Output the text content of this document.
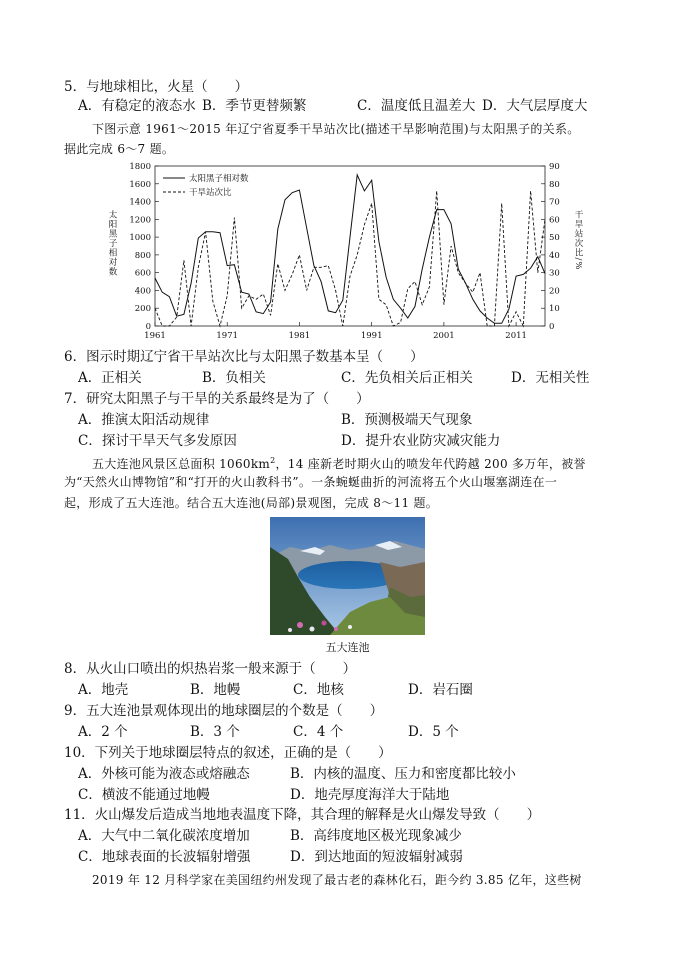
5．与地球相比，火星（　　）
A．有稳定的液态水 B．季节更替频繁	C．温度低且温差大 D．大气层厚度大
下图示意 1961～2015 年辽宁省夏季干旱站次比(描述干旱影响范围)与太阳黑子的关系。
据此完成 6～7 题。
0
200
400
600
800
1000
1200
1400
1600
1800
0
10
20
30
40
50
60
70
80
90
1961	1971	1981	1991	2001	2011
太阳黑子相对数	干旱站次比/%
太阳黑子相对数
干旱站次比
6．图示时期辽宁省干旱站次比与太阳黑子数基本呈（　　）
A．正相关	B．负相关	C．先负相关后正相关	D．无相关性
7．研究太阳黑子与干旱的关系最终是为了（　　）
A．推演太阳活动规律	B．预测极端天气现象
C．探讨干旱天气多发原因	D．提升农业防灾减灾能力
五大连池风景区总面积 $1060km^2$，14 座新老时期火山的喷发年代跨越 200 多万年，被誉
为“天然火山博物馆”和“打开的火山教科书”。一条蜿蜒曲折的河流将五个火山堰塞湖连在一
起，形成了五大连池。结合五大连池(局部)景观图，完成 8～11 题。
五大连池
8．从火山口喷出的炽热岩浆一般来源于（　　）
A．地壳	B．地幔	C．地核	D．岩石圈
9．五大连池景观体现出的地球圈层的个数是（　　）
A．2 个	B．3 个	C．4 个	D．5 个
10．下列关于地球圈层特点的叙述，正确的是（　　）
A．外核可能为液态或熔融态	B．内核的温度、压力和密度都比较小
C．横波不能通过地幔	D．地壳厚度海洋大于陆地
11．火山爆发后造成当地地表温度下降，其合理的解释是火山爆发导致（　　）
A．大气中二氧化碳浓度增加	B．高纬度地区极光现象减少
C．地球表面的长波辐射增强	D．到达地面的短波辐射减弱
2019 年 12 月科学家在美国纽约州发现了最古老的森林化石，距今约 3.85 亿年，这些树
